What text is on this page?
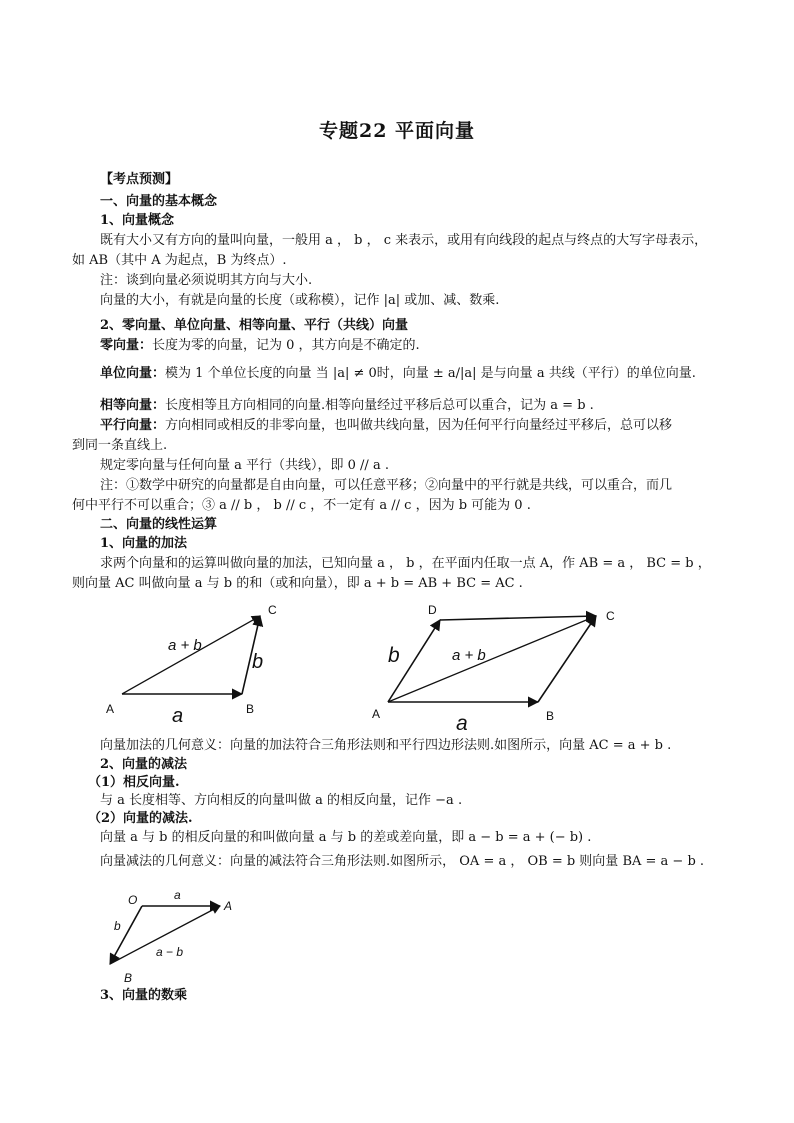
专题22 平面向量
【考点预测】
一、向量的基本概念
1、向量概念
既有大小又有方向的量叫向量，一般用 a ， b ， c 来表示，或用有向线段的起点与终点的大写字母表示，
如 AB（其中 A 为起点，B 为终点）.
注：谈到向量必须说明其方向与大小.
向量的大小，有就是向量的长度（或称模），记作 |a| 或加、减、数乘.
2、零向量、单位向量、相等向量、平行（共线）向量
零向量：长度为零的向量，记为 0 ，其方向是不确定的.
单位向量：模为 1 个单位长度的向量 当 |a| ≠ 0时，向量 ± a/|a| 是与向量 a 共线（平行）的单位向量.
相等向量：长度相等且方向相同的向量.相等向量经过平移后总可以重合，记为 a = b .
平行向量：方向相同或相反的非零向量，也叫做共线向量，因为任何平行向量经过平移后，总可以移
到同一条直线上.
规定零向量与任何向量 a 平行（共线），即 0 // a .
注：①数学中研究的向量都是自由向量，可以任意平移；②向量中的平行就是共线，可以重合，而几
何中平行不可以重合；③ a // b ， b // c ，不一定有 a // c ，因为 b 可能为 0 .
二、向量的线性运算
1、向量的加法
求两个向量和的运算叫做向量的加法，已知向量 a ， b ，在平面内任取一点 A，作 AB = a ， BC = b ，
则向量 AC 叫做向量 a 与 b 的和（或和向量），即 a + b = AB + BC = AC .
A	B
C
a + b
b
a	A	B
C
D
b	a + b
a
向量加法的几何意义：向量的加法符合三角形法则和平行四边形法则.如图所示，向量 AC = a + b .
2、向量的减法
（1）相反向量.
与 a 长度相等、方向相反的向量叫做 a 的相反向量，记作 −a .
（2）向量的减法.
向量 a 与 b 的相反向量的和叫做向量 a 与 b 的差或差向量，即 a − b = a + (− b) .
向量减法的几何意义：向量的减法符合三角形法则.如图所示， OA = a ， OB = b 则向量 BA = a − b .
O	A
B
a
b
a − b
3、向量的数乘
